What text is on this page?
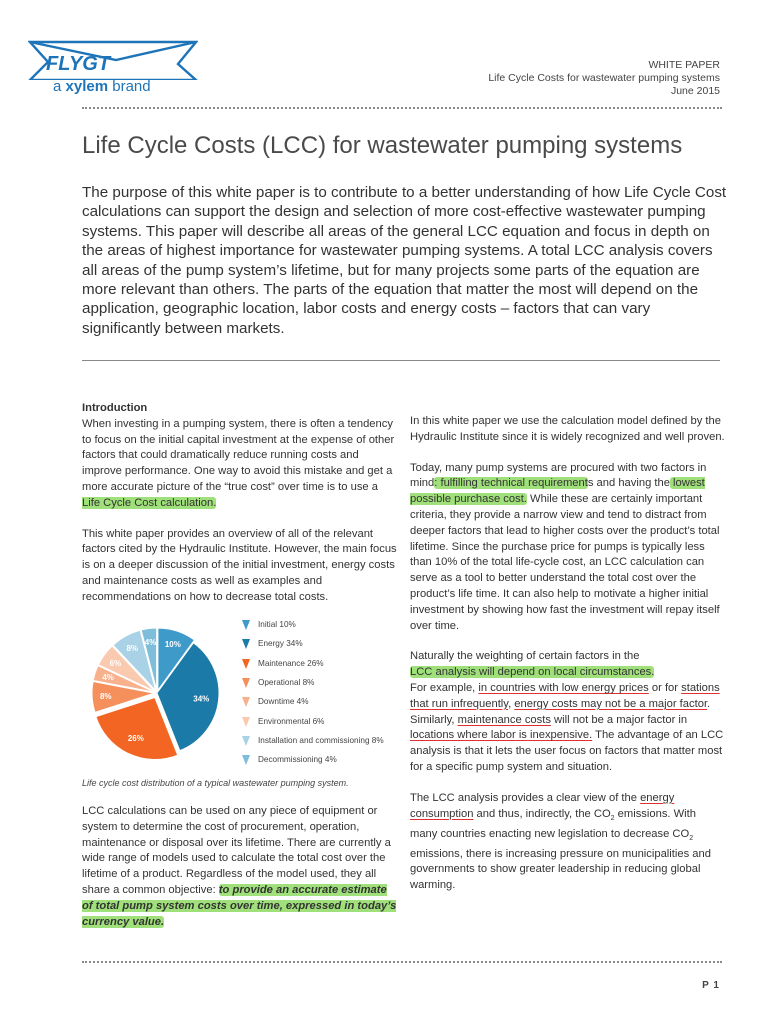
FLYGT
a xylem brand
WHITE PAPER
Life Cycle Costs for wastewater pumping systems
June 2015
Life Cycle Costs (LCC) for wastewater pumping systems
The purpose of this white paper is to contribute to a better understanding of how Life Cycle Cost calculations can support the design and selection of more cost-effective wastewater pumping systems. This paper will describe all areas of the general LCC equation and focus in depth on the areas of highest importance for wastewater pumping systems. A total LCC analysis covers all areas of the pump system’s lifetime, but for many projects some parts of the equation are more relevant than others. The parts of the equation that matter the most will depend on the application, geographic location, labor costs and energy costs – factors that can vary significantly between markets.
Introduction

When investing in a pumping system, there is often a tendency to focus on the initial capital investment at the expense of other factors that could dramatically reduce running costs and improve performance. One way to avoid this mistake and get a more accurate picture of the “true cost” over time is to use a Life Cycle Cost calculation.

This white paper provides an overview of all of the relevant factors cited by the Hydraulic Institute. However, the main focus is on a deeper discussion of the initial investment, energy costs and maintenance costs as well as examples and recommendations on how to decrease total costs.

10%
34%
26%
8%
4%
6%
8%
4%
Initial 10%
Energy 34%
Maintenance 26%
Operational 8%
Downtime 4%
Environmental 6%
Installation and commissioning 8%
Decommissioning 4%
Life cycle cost distribution of a typical wastewater pumping system.

LCC calculations can be used on any piece of equipment or system to determine the cost of procurement, operation, maintenance or disposal over its lifetime. There are currently a wide range of models used to calculate the total cost over the lifetime of a product. Regardless of the model used, they all share a common objective: to provide an accurate estimate of total pump system costs over time, expressed in today’s currency value.

In this white paper we use the calculation model defined by the Hydraulic Institute since it is widely recognized and well proven.

Today, many pump systems are procured with two factors in mind: fulfilling technical requirements and having the lowest possible purchase cost. While these are certainly important criteria, they provide a narrow view and tend to distract from deeper factors that lead to higher costs over the product’s total lifetime. Since the purchase price for pumps is typically less than 10% of the total life-cycle cost, an LCC calculation can serve as a tool to better understand the total cost over the product’s life time. It can also help to motivate a higher initial investment by showing how fast the investment will repay itself over time.

Naturally the weighting of certain factors in the
LCC analysis will depend on local circumstances.
For example, in countries with low energy prices or for stations that run infrequently, energy costs may not be a major factor. Similarly, maintenance costs will not be a major factor in locations where labor is inexpensive. The advantage of an LCC analysis is that it lets the user focus on factors that matter most for a specific pump system and situation.

The LCC analysis provides a clear view of the energy consumption and thus, indirectly, the $CO_2$ emissions. With many countries enacting new legislation to decrease $CO_2$ emissions, there is increasing pressure on municipalities and governments to show greater leadership in reducing global warming.

P 1
